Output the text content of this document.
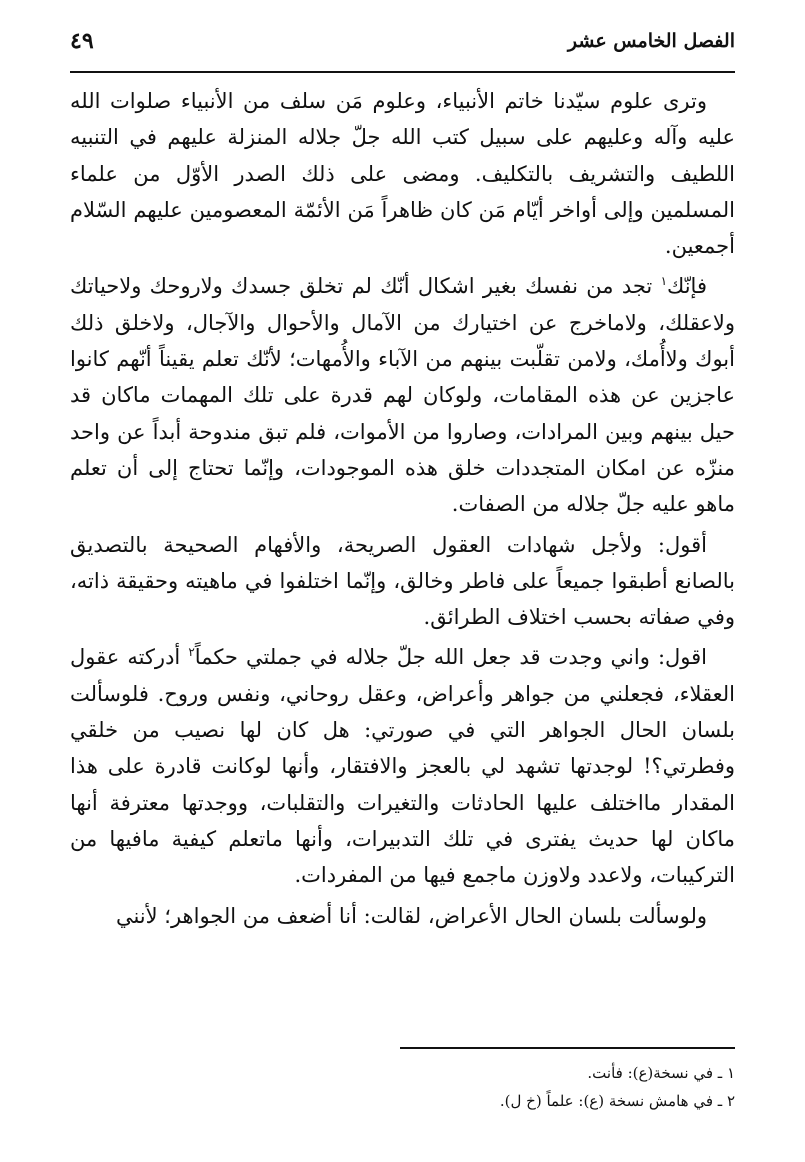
الفصل الخامس عشر
٤٩

وترى علوم سيّدنا خاتم الأنبياء، وعلوم مَن سلف من الأنبياء صلوات الله عليه وآله وعليهم على سبيل كتب الله جلّ جلاله المنزلة عليهم في التنبيه اللطيف والتشريف بالتكليف. ومضى على ذلك الصدر الأوّل من علماء المسلمين وإلى أواخر أيّام مَن كان ظاهراً مَن الأئمّة المعصومين عليهم السّلام أجمعين.

فإنّك$^١$ تجد من نفسك بغير اشكال أنّك لم تخلق جسدك ولاروحك ولاحياتك ولاعقلك، ولاماخرج عن اختيارك من الآمال والأحوال والآجال، ولاخلق ذلك أبوك ولاأُمك، ولامن تقلّبت بينهم من الآباء والأُمهات؛ لأنّك تعلم يقيناً أنّهم كانوا عاجزين عن هذه المقامات، ولوكان لهم قدرة على تلك المهمات ماكان قد حيل بينهم وبين المرادات، وصاروا من الأموات، فلم تبق مندوحة أبداً عن واحد منزّه عن امكان المتجددات خلق هذه الموجودات، وإنّما تحتاج إلى أن تعلم ماهو عليه جلّ جلاله من الصفات.

أقول: ولأجل شهادات العقول الصريحة، والأفهام الصحيحة بالتصديق بالصانع أطبقوا جميعاً على فاطر وخالق، وإنّما اختلفوا في ماهيته وحقيقة ذاته، وفي صفاته بحسب اختلاف الطرائق.

اقول: واني وجدت قد جعل الله جلّ جلاله في جملتي حكماً$^٢$ أدركته عقول العقلاء، فجعلني من جواهر وأعراض، وعقل روحاني، ونفس وروح. فلوسألت بلسان الحال الجواهر التي في صورتي: هل كان لها نصيب من خلقي وفطرتي؟! لوجدتها تشهد لي بالعجز والافتقار، وأنها لوكانت قادرة على هذا المقدار مااختلف عليها الحادثات والتغيرات والتقلبات، ووجدتها معترفة أنها ماكان لها حديث يفترى في تلك التدبيرات، وأنها ماتعلم كيفية مافيها من التركيبات، ولاعدد ولاوزن ماجمع فيها من المفردات.

ولوسألت بلسان الحال الأعراض، لقالت: أنا أضعف من الجواهر؛ لأنني

١ ـ في نسخة(ع): فأنت.

٢ ـ في هامش نسخة (ع): علماً (خ ل).
